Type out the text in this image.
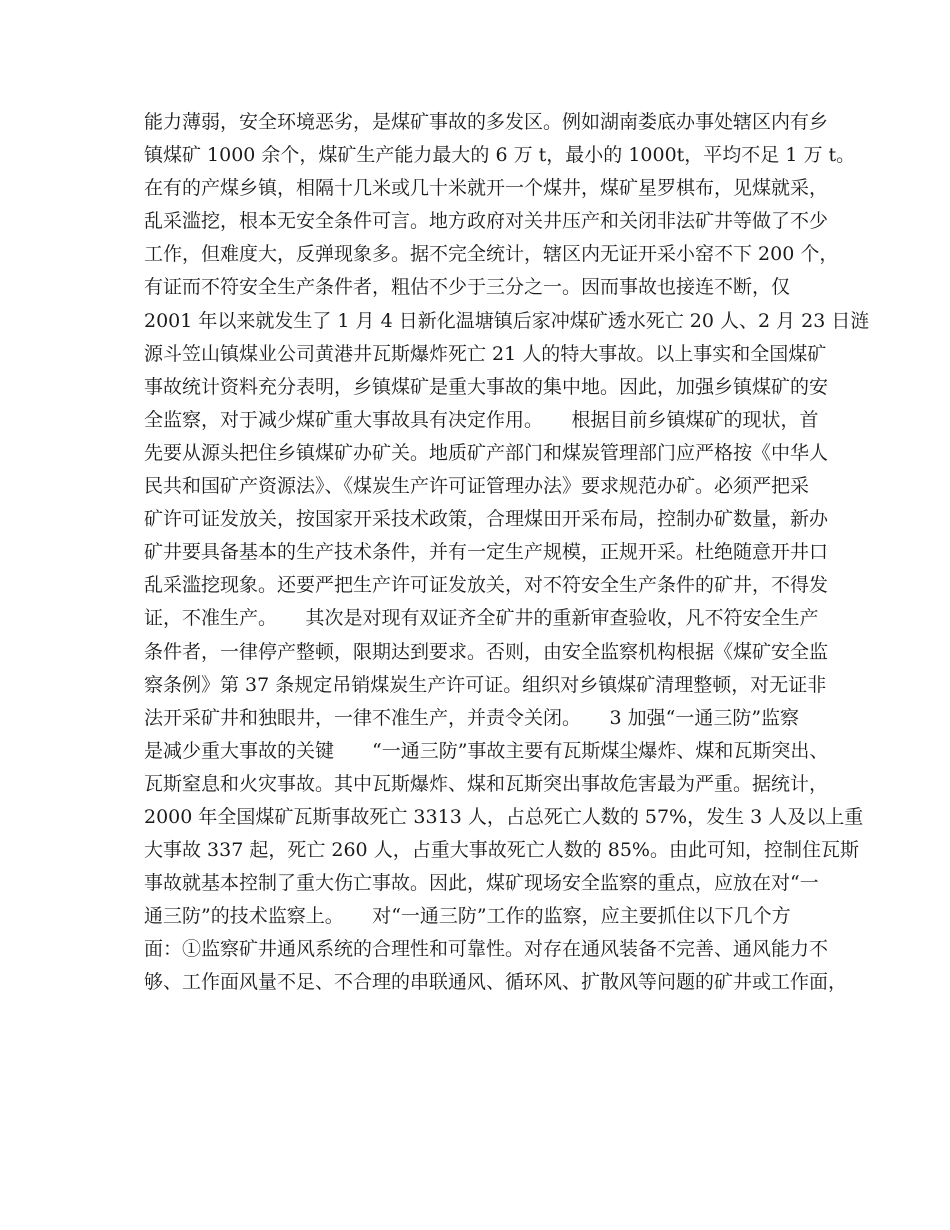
能力薄弱，安全环境恶劣，是煤矿事故的多发区。例如湖南娄底办事处辖区内有乡
镇煤矿 1000 余个，煤矿生产能力最大的 6 万 t，最小的 1000t，平均不足 1 万 t。
在有的产煤乡镇，相隔十几米或几十米就开一个煤井，煤矿星罗棋布，见煤就采，
乱采滥挖，根本无安全条件可言。地方政府对关井压产和关闭非法矿井等做了不少
工作，但难度大，反弹现象多。据不完全统计，辖区内无证开采小窑不下 200 个，
有证而不符安全生产条件者，粗估不少于三分之一。因而事故也接连不断，仅
2001 年以来就发生了 1 月 4 日新化温塘镇后家冲煤矿透水死亡 20 人、2 月 23 日涟
源斗笠山镇煤业公司黄港井瓦斯爆炸死亡 21 人的特大事故。以上事实和全国煤矿
事故统计资料充分表明，乡镇煤矿是重大事故的集中地。因此，加强乡镇煤矿的安
全监察，对于减少煤矿重大事故具有决定作用。　　根据目前乡镇煤矿的现状，首
先要从源头把住乡镇煤矿办矿关。地质矿产部门和煤炭管理部门应严格按《中华人
民共和国矿产资源法》、《煤炭生产许可证管理办法》要求规范办矿。必须严把采
矿许可证发放关，按国家开采技术政策，合理煤田开采布局，控制办矿数量，新办
矿井要具备基本的生产技术条件，并有一定生产规模，正规开采。杜绝随意开井口
乱采滥挖现象。还要严把生产许可证发放关，对不符安全生产条件的矿井，不得发
证，不准生产。　　其次是对现有双证齐全矿井的重新审查验收，凡不符安全生产
条件者，一律停产整顿，限期达到要求。否则，由安全监察机构根据《煤矿安全监
察条例》第 37 条规定吊销煤炭生产许可证。组织对乡镇煤矿清理整顿，对无证非
法开采矿井和独眼井，一律不准生产，并责令关闭。　　3 加强“一通三防”监察
是减少重大事故的关键　　“一通三防”事故主要有瓦斯煤尘爆炸、煤和瓦斯突出、
瓦斯窒息和火灾事故。其中瓦斯爆炸、煤和瓦斯突出事故危害最为严重。据统计，
2000 年全国煤矿瓦斯事故死亡 3313 人，占总死亡人数的 57%，发生 3 人及以上重
大事故 337 起，死亡 260 人，占重大事故死亡人数的 85%。由此可知，控制住瓦斯
事故就基本控制了重大伤亡事故。因此，煤矿现场安全监察的重点，应放在对“一
通三防”的技术监察上。　　对“一通三防”工作的监察，应主要抓住以下几个方
面：①监察矿井通风系统的合理性和可靠性。对存在通风装备不完善、通风能力不
够、工作面风量不足、不合理的串联通风、循环风、扩散风等问题的矿井或工作面，
